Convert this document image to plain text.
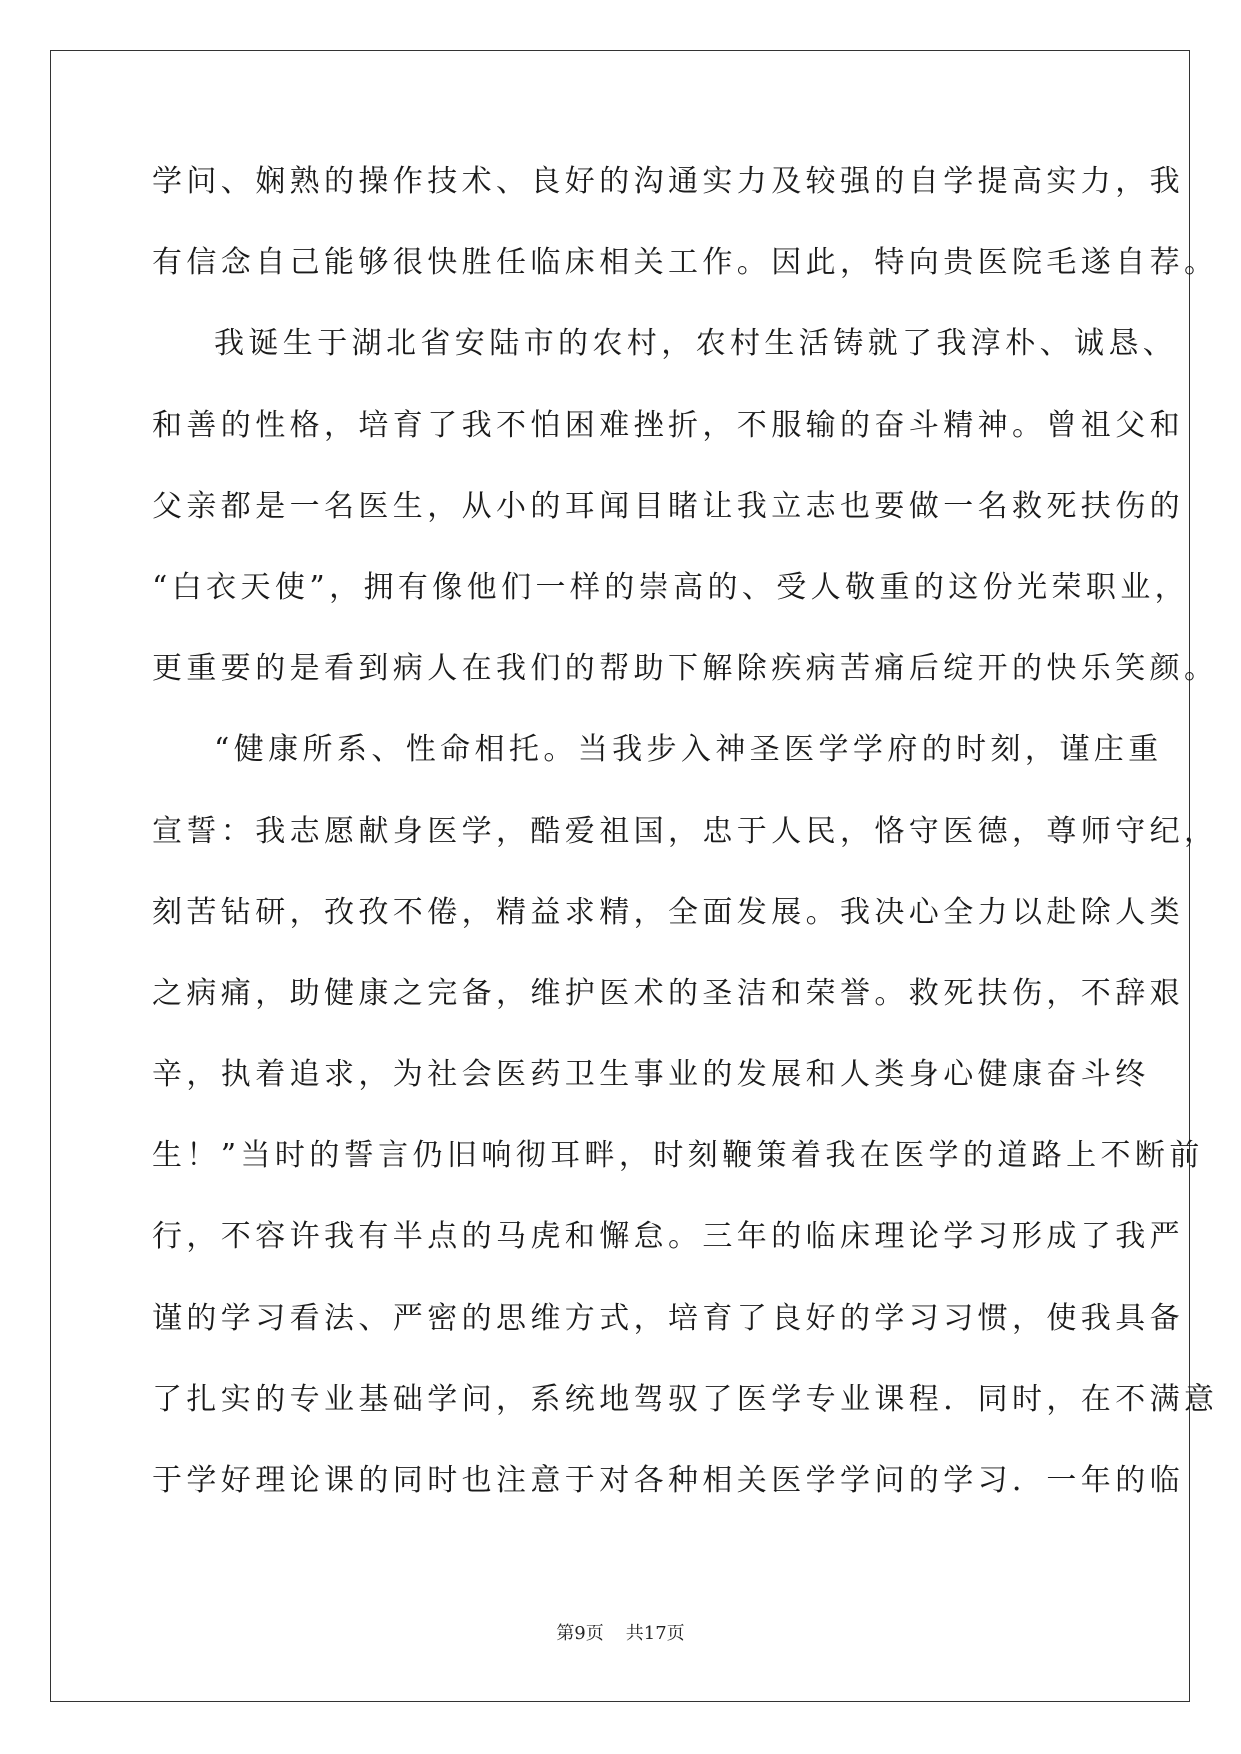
学问、娴熟的操作技术、良好的沟通实力及较强的自学提高实力，我
有信念自己能够很快胜任临床相关工作。因此，特向贵医院毛遂自荐。
我诞生于湖北省安陆市的农村，农村生活铸就了我淳朴、诚恳、
和善的性格，培育了我不怕困难挫折，不服输的奋斗精神。曾祖父和
父亲都是一名医生，从小的耳闻目睹让我立志也要做一名救死扶伤的
“白衣天使”，拥有像他们一样的崇高的、受人敬重的这份光荣职业，
更重要的是看到病人在我们的帮助下解除疾病苦痛后绽开的快乐笑颜。
“健康所系、性命相托。当我步入神圣医学学府的时刻，谨庄重
宣誓：我志愿献身医学，酷爱祖国，忠于人民，恪守医德，尊师守纪，
刻苦钻研，孜孜不倦，精益求精，全面发展。我决心全力以赴除人类
之病痛，助健康之完备，维护医术的圣洁和荣誉。救死扶伤，不辞艰
辛，执着追求，为社会医药卫生事业的发展和人类身心健康奋斗终
生！”当时的誓言仍旧响彻耳畔，时刻鞭策着我在医学的道路上不断前
行，不容许我有半点的马虎和懈怠。三年的临床理论学习形成了我严
谨的学习看法、严密的思维方式，培育了良好的学习习惯，使我具备
了扎实的专业基础学问，系统地驾驭了医学专业课程．同时，在不满意
于学好理论课的同时也注意于对各种相关医学学问的学习．一年的临
第9页 共17页
